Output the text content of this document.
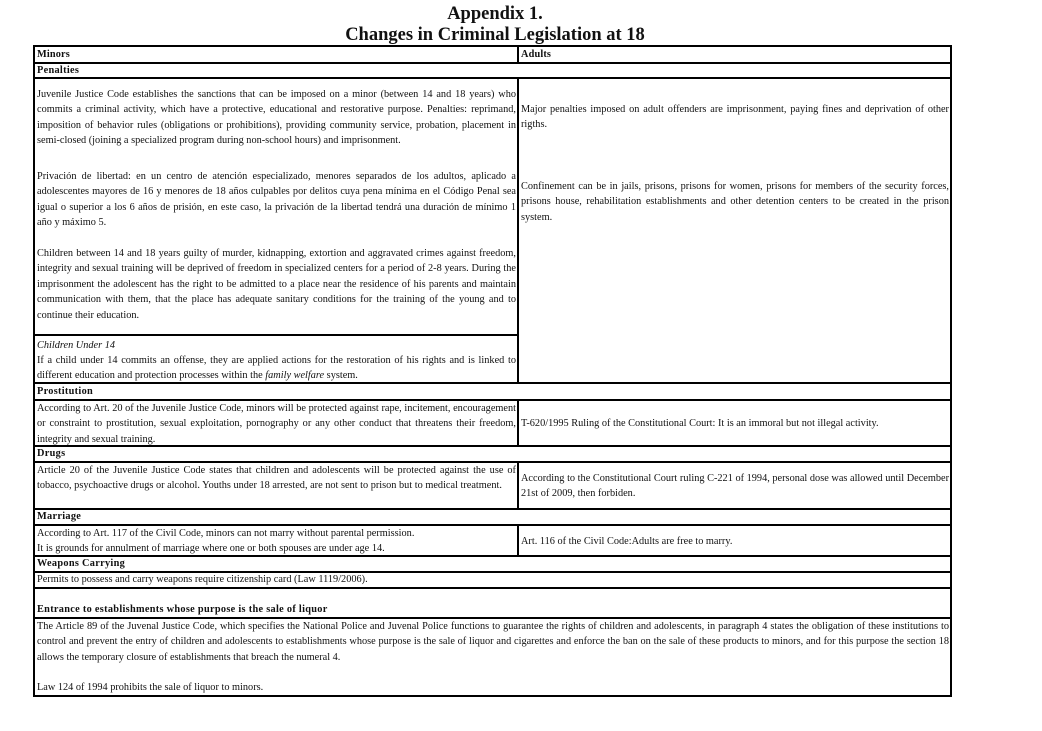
Appendix 1.
Changes in Criminal Legislation at 18
Minors	Adults
Penalties
Juvenile Justice Code establishes the sanctions that can be imposed on a minor (between 14 and 18 years) who commits a criminal activity, which have a protective, educational and restorative purpose. Penalties: reprimand, imposition of behavior rules (obligations or prohibitions), providing community service, probation, placement in semi-closed (joining a specialized program during non-school hours) and imprisonment.
Privación de libertad: en un centro de atención especializado, menores separados de los adultos, aplicado a adolescentes mayores de 16 y menores de 18 años culpables por delitos cuya pena mínima en el Código Penal sea igual o superior a los 6 años de prisión, en este caso, la privación de la libertad tendrá una duración de mínimo 1 año y máximo 5.
Children between 14 and 18 years guilty of murder, kidnapping, extortion and aggravated crimes against freedom, integrity and sexual training will be deprived of freedom in specialized centers for a period of 2-8 years. During the imprisonment the adolescent has the right to be admitted to a place near the residence of his parents and maintain communication with them, that the place has adequate sanitary conditions for the training of the young and to continue their education.
Children Under 14
If a child under 14 commits an offense, they are applied actions for the restoration of his rights and is linked to different education and protection processes within the family welfare system.
Major penalties imposed on adult offenders are imprisonment, paying fines and deprivation of other rigths.
Confinement can be in jails, prisons, prisons for women, prisons for members of the security forces, prisons house, rehabilitation establishments and other detention centers to be created in the prison system.
Prostitution
According to Art. 20 of the Juvenile Justice Code, minors will be protected against rape, incitement, encouragement or constraint to prostitution, sexual exploitation, pornography or any other conduct that threatens their freedom, integrity and sexual training.
T-620/1995 Ruling of the Constitutional Court: It is an immoral but not illegal activity.
Drugs
Article 20 of the Juvenile Justice Code states that children and adolescents will be protected against the use of tobacco, psychoactive drugs or alcohol. Youths under 18 arrested, are not sent to prison but to medical treatment.
According to the Constitutional Court ruling C-221 of 1994, personal dose was allowed until December 21st of 2009, then forbiden.
Marriage
According to Art. 117 of the Civil Code, minors can not marry without parental permission.
It is grounds for annulment of marriage where one or both spouses are under age 14.
Art. 116 of the Civil Code:Adults are free to marry.
Weapons Carrying
Permits to possess and carry weapons require citizenship card (Law 1119/2006).
Entrance to establishments whose purpose is the sale of liquor
The Article 89 of the Juvenal Justice Code, which specifies the National Police and Juvenal Police functions to guarantee the rights of children and adolescents, in paragraph 4 states the obligation of these institutions to control and prevent the entry of children and adolescents to establishments whose purpose is the sale of liquor and cigarettes and enforce the ban on the sale of these products to minors, and for this purpose the section 18 allows the temporary closure of establishments that breach the numeral 4.
Law 124 of 1994 prohibits the sale of liquor to minors.
